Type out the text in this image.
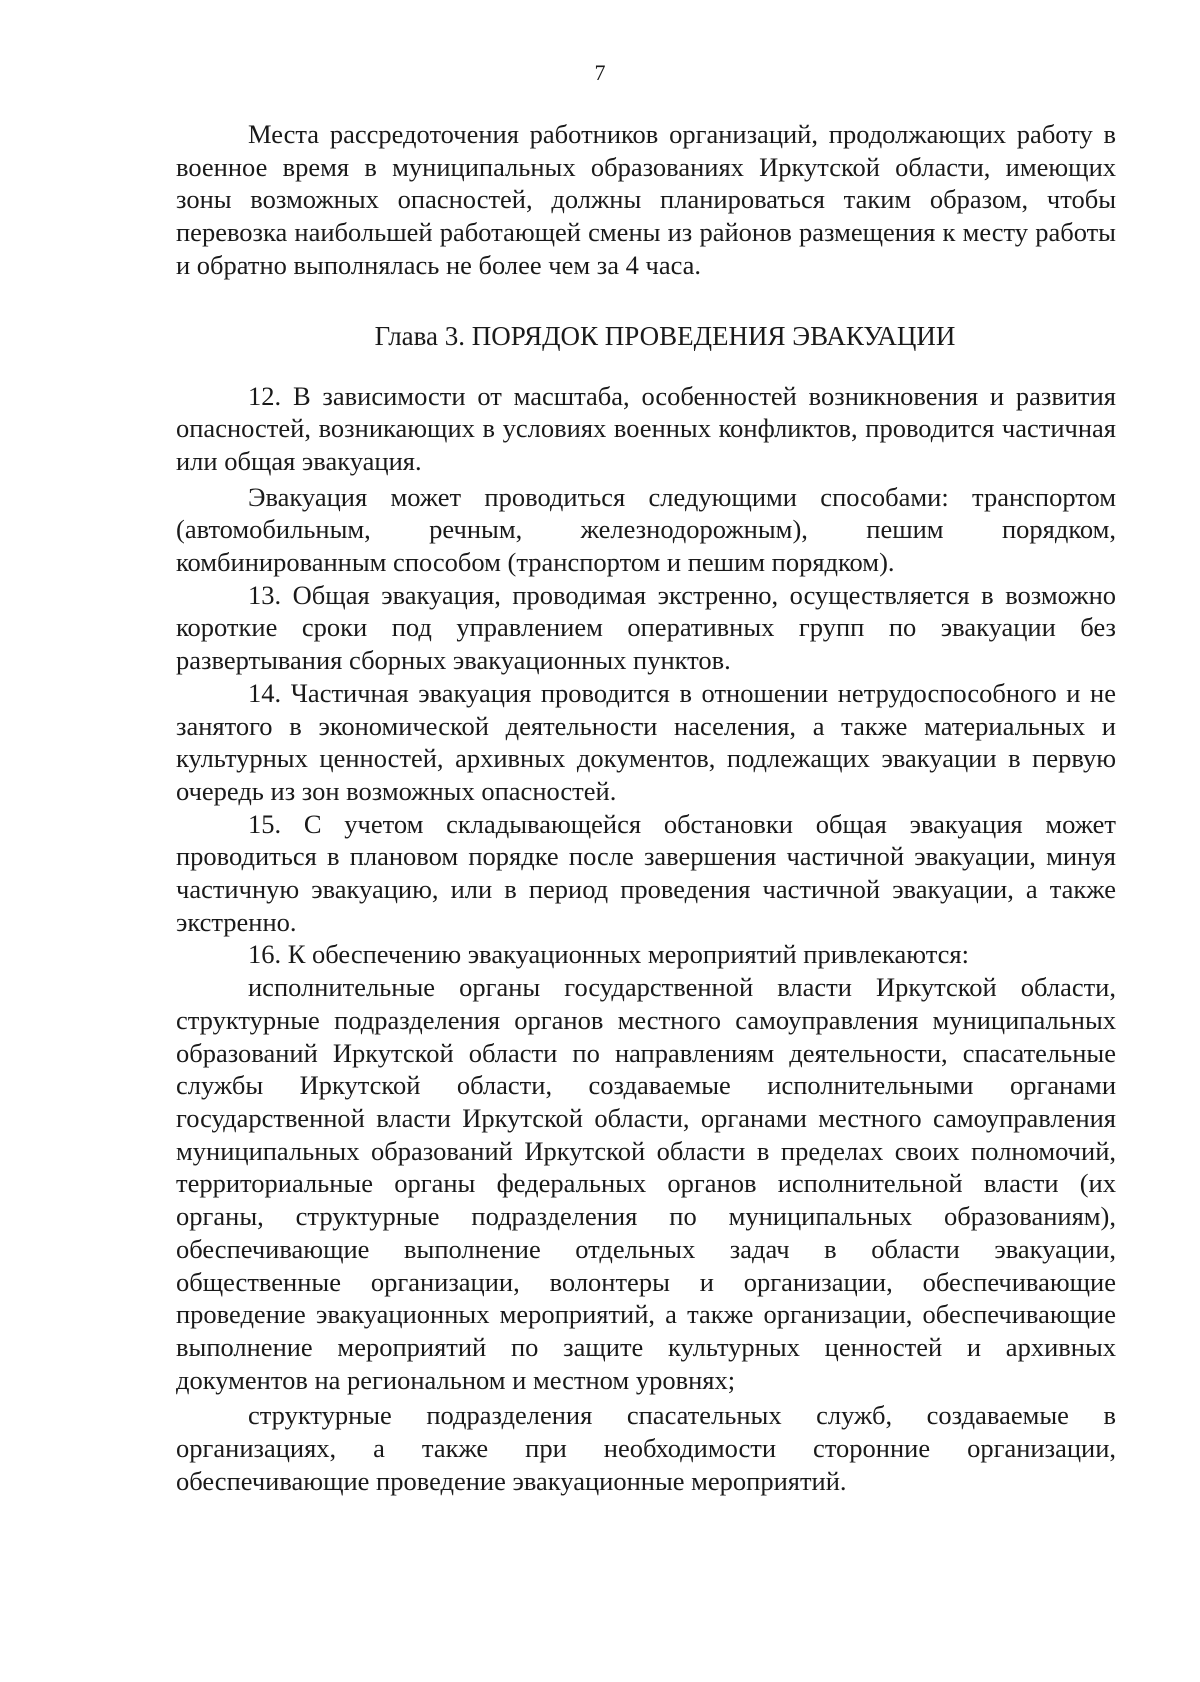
7

Места рассредоточения работников организаций, продолжающих работу в военное время в муниципальных образованиях Иркутской области, имеющих зоны возможных опасностей, должны планироваться таким образом, чтобы перевозка наибольшей работающей смены из районов размещения к месту работы и обратно выполнялась не более чем за 4 часа.

Глава 3. ПОРЯДОК ПРОВЕДЕНИЯ ЭВАКУАЦИИ

12. В зависимости от масштаба, особенностей возникновения и развития опасностей, возникающих в условиях военных конфликтов, проводится частичная или общая эвакуация.

Эвакуация может проводиться следующими способами: транспортом (автомобильным, речным, железнодорожным), пешим порядком, комбинированным способом (транспортом и пешим порядком).

13. Общая эвакуация, проводимая экстренно, осуществляется в возможно короткие сроки под управлением оперативных групп по эвакуации без развертывания сборных эвакуационных пунктов.

14. Частичная эвакуация проводится в отношении нетрудоспособного и не занятого в экономической деятельности населения, а также материальных и культурных ценностей, архивных документов, подлежащих эвакуации в первую очередь из зон возможных опасностей.

15. С учетом складывающейся обстановки общая эвакуация может проводиться в плановом порядке после завершения частичной эвакуации, минуя частичную эвакуацию, или в период проведения частичной эвакуации, а также экстренно.

16. К обеспечению эвакуационных мероприятий привлекаются:

исполнительные органы государственной власти Иркутской области, структурные подразделения органов местного самоуправления муниципальных образований Иркутской области по направлениям деятельности, спасательные службы Иркутской области, создаваемые исполнительными органами государственной власти Иркутской области, органами местного самоуправления муниципальных образований Иркутской области в пределах своих полномочий, территориальные органы федеральных органов исполнительной власти (их органы, структурные подразделения по муниципальных образованиям), обеспечивающие выполнение отдельных задач в области эвакуации, общественные организации, волонтеры и организации, обеспечивающие проведение эвакуационных мероприятий, а также организации, обеспечивающие выполнение мероприятий по защите культурных ценностей и архивных документов на региональном и местном уровнях;

структурные подразделения спасательных служб, создаваемые в организациях, а также при необходимости сторонние организации, обеспечивающие проведение эвакуационные мероприятий.
